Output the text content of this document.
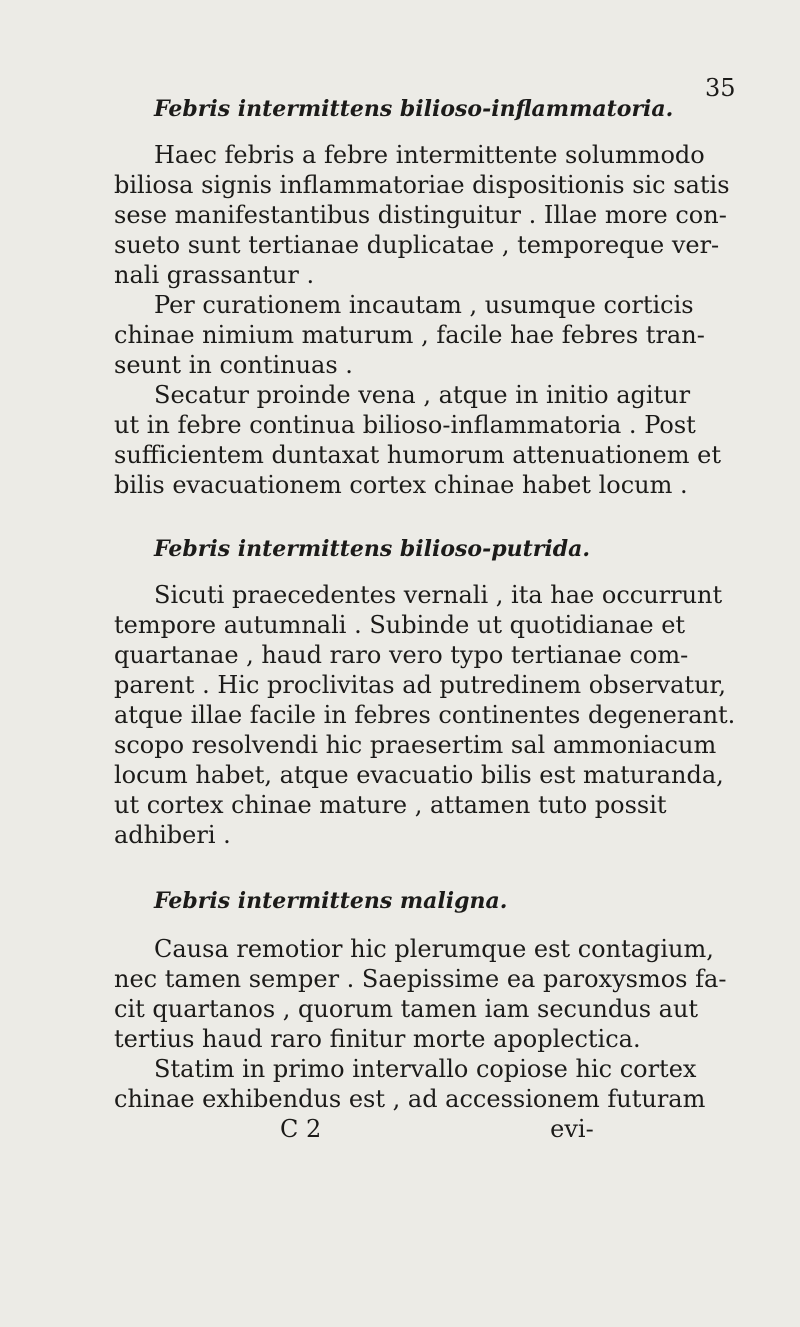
35
Febris intermittens bilioso-inflammatoria.
Haec febris a febre intermittente solummodo
biliosa signis inflammatoriae dispositionis sic satis
sese manifestantibus distinguitur . Illae more con-
sueto sunt tertianae duplicatae , temporeque ver-
nali grassantur .
Per curationem incautam , usumque corticis
chinae nimium maturum , facile hae febres tran-
seunt in continuas .
Secatur proinde vena , atque in initio agitur
ut in febre continua bilioso-inflammatoria . Post
sufficientem duntaxat humorum attenuationem et
bilis evacuationem cortex chinae habet locum .
Febris intermittens bilioso-putrida.
Sicuti praecedentes vernali , ita hae occurrunt
tempore autumnali . Subinde ut quotidianae et
quartanae , haud raro vero typo tertianae com-
parent . Hic proclivitas ad putredinem observatur,
atque illae facile in febres continentes degenerant.
scopo resolvendi hic praesertim sal ammoniacum
locum habet, atque evacuatio bilis est maturanda,
ut cortex chinae mature , attamen tuto possit
adhiberi .
Febris intermittens maligna.
Causa remotior hic plerumque est contagium,
nec tamen semper . Saepissime ea paroxysmos fa-
cit quartanos , quorum tamen iam secundus aut
tertius haud raro finitur morte apoplectica.
Statim in primo intervallo copiose hic cortex
chinae exhibendus est , ad accessionem futuram
C 2                              evi-
